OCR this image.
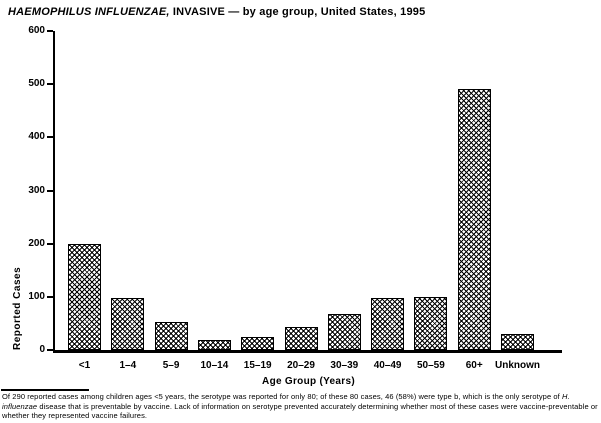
HAEMOPHILUS INFLUENZAE, INVASIVE — by age group, United States, 1995
Reported Cases
Age Group (Years)
0
100
200
300
400
500
600
<1	1–4	5–9 10–14 15–19 20–29 30–39 40–49 50–59 60+ Unknown
Of 290 reported cases among children ages <5 years, the serotype was reported for only 80; of these 80 cases, 46 (58%) were type b, which is the only serotype of H. influenzae disease that is preventable by vaccine. Lack of information on serotype prevented accurately determining whether most of these cases were vaccine-preventable or whether they represented vaccine failures.
